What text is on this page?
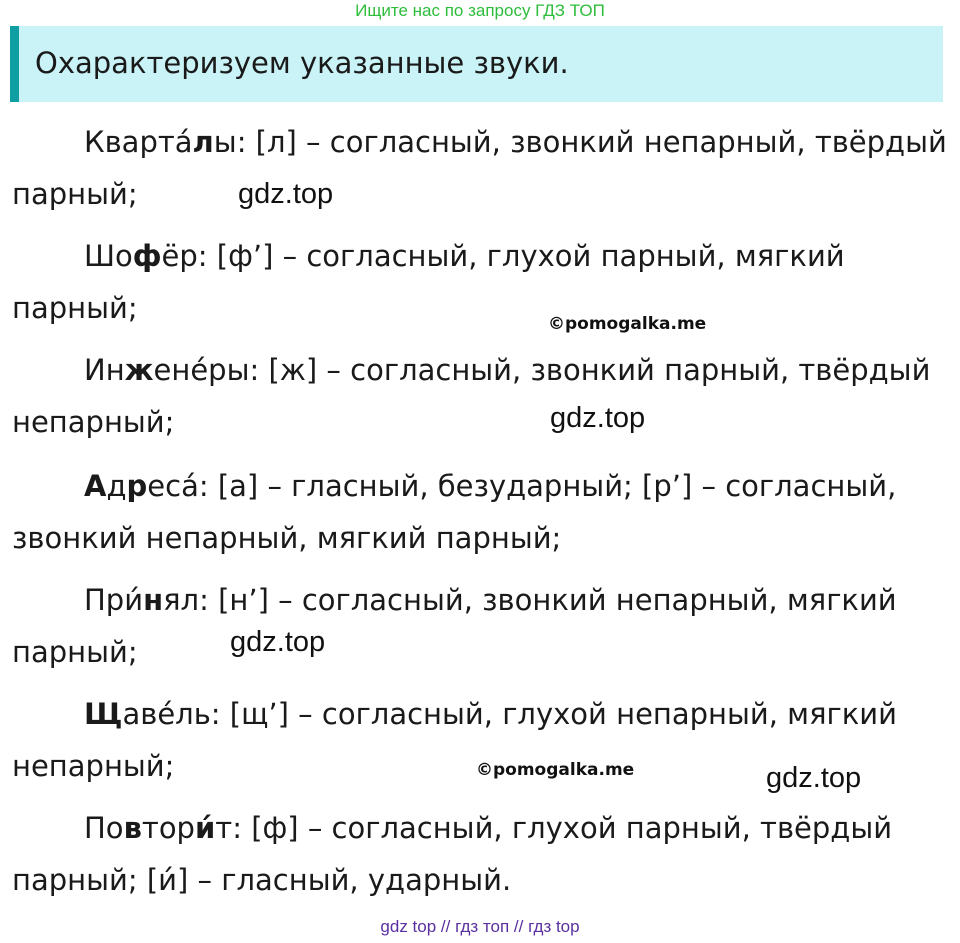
Ищите нас по запросу ГДЗ ТОП
Охарактеризуем указанные звуки.
Кварта́лы: [л] – согласный, звонкий непарный, твёрдый
парный;
Шофёр: [ф’] – согласный, глухой парный, мягкий
парный;
Инжене́ры: [ж] – согласный, звонкий парный, твёрдый
непарный;
Адреса́: [а] – гласный, безударный; [р’] – согласный,
звонкий непарный, мягкий парный;
При́нял: [н’] – согласный, звонкий непарный, мягкий
парный;
Щаве́ль: [щ’] – согласный, глухой непарный, мягкий
непарный;
Повтори́т: [ф] – согласный, глухой парный, твёрдый
парный; [и́] – гласный, ударный.
gdz.top
©pomogalka.me
gdz.top
gdz.top
©pomogalka.me	gdz.top
gdz top // гдз топ // гдз top
